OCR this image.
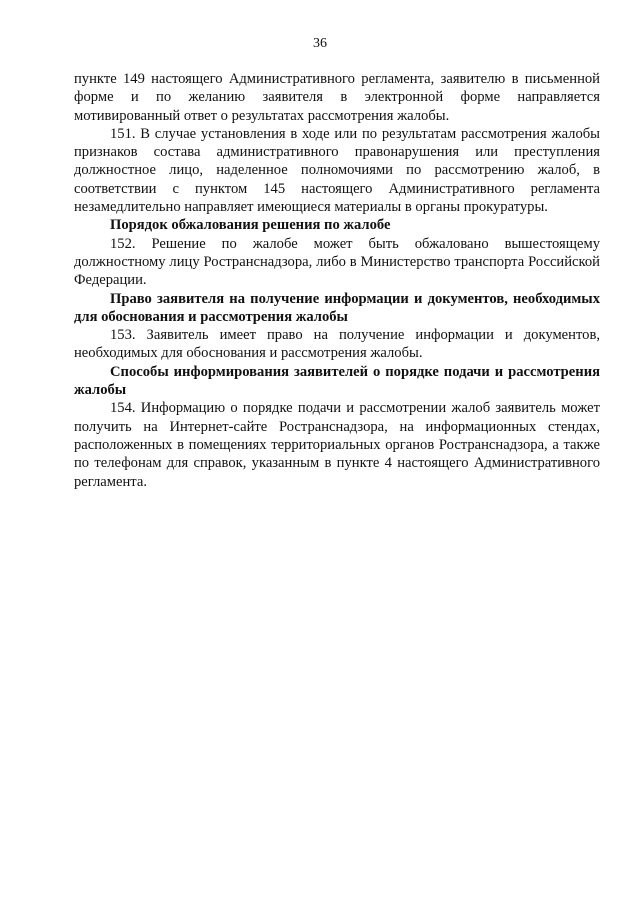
36

пункте 149 настоящего Административного регламента, заявителю в письменной форме и по желанию заявителя в электронной форме направляется мотивированный ответ о результатах рассмотрения жалобы.

151. В случае установления в ходе или по результатам рассмотрения жалобы признаков состава административного правонарушения или преступления должностное лицо, наделенное полномочиями по рассмотрению жалоб, в соответствии с пунктом 145 настоящего Административного регламента незамедлительно направляет имеющиеся материалы в органы прокуратуры.

Порядок обжалования решения по жалобе

152. Решение по жалобе может быть обжаловано вышестоящему должностному лицу Ространснадзора, либо в Министерство транспорта Российской Федерации.

Право заявителя на получение информации и документов, необходимых для обоснования и рассмотрения жалобы

153. Заявитель имеет право на получение информации и документов, необходимых для обоснования и рассмотрения жалобы.

Способы информирования заявителей о порядке подачи и рассмотрения жалобы

154. Информацию о порядке подачи и рассмотрении жалоб заявитель может получить на Интернет-сайте Ространснадзора, на информационных стендах, расположенных в помещениях территориальных органов Ространснадзора, а также по телефонам для справок, указанным в пункте 4 настоящего Административного регламента.
